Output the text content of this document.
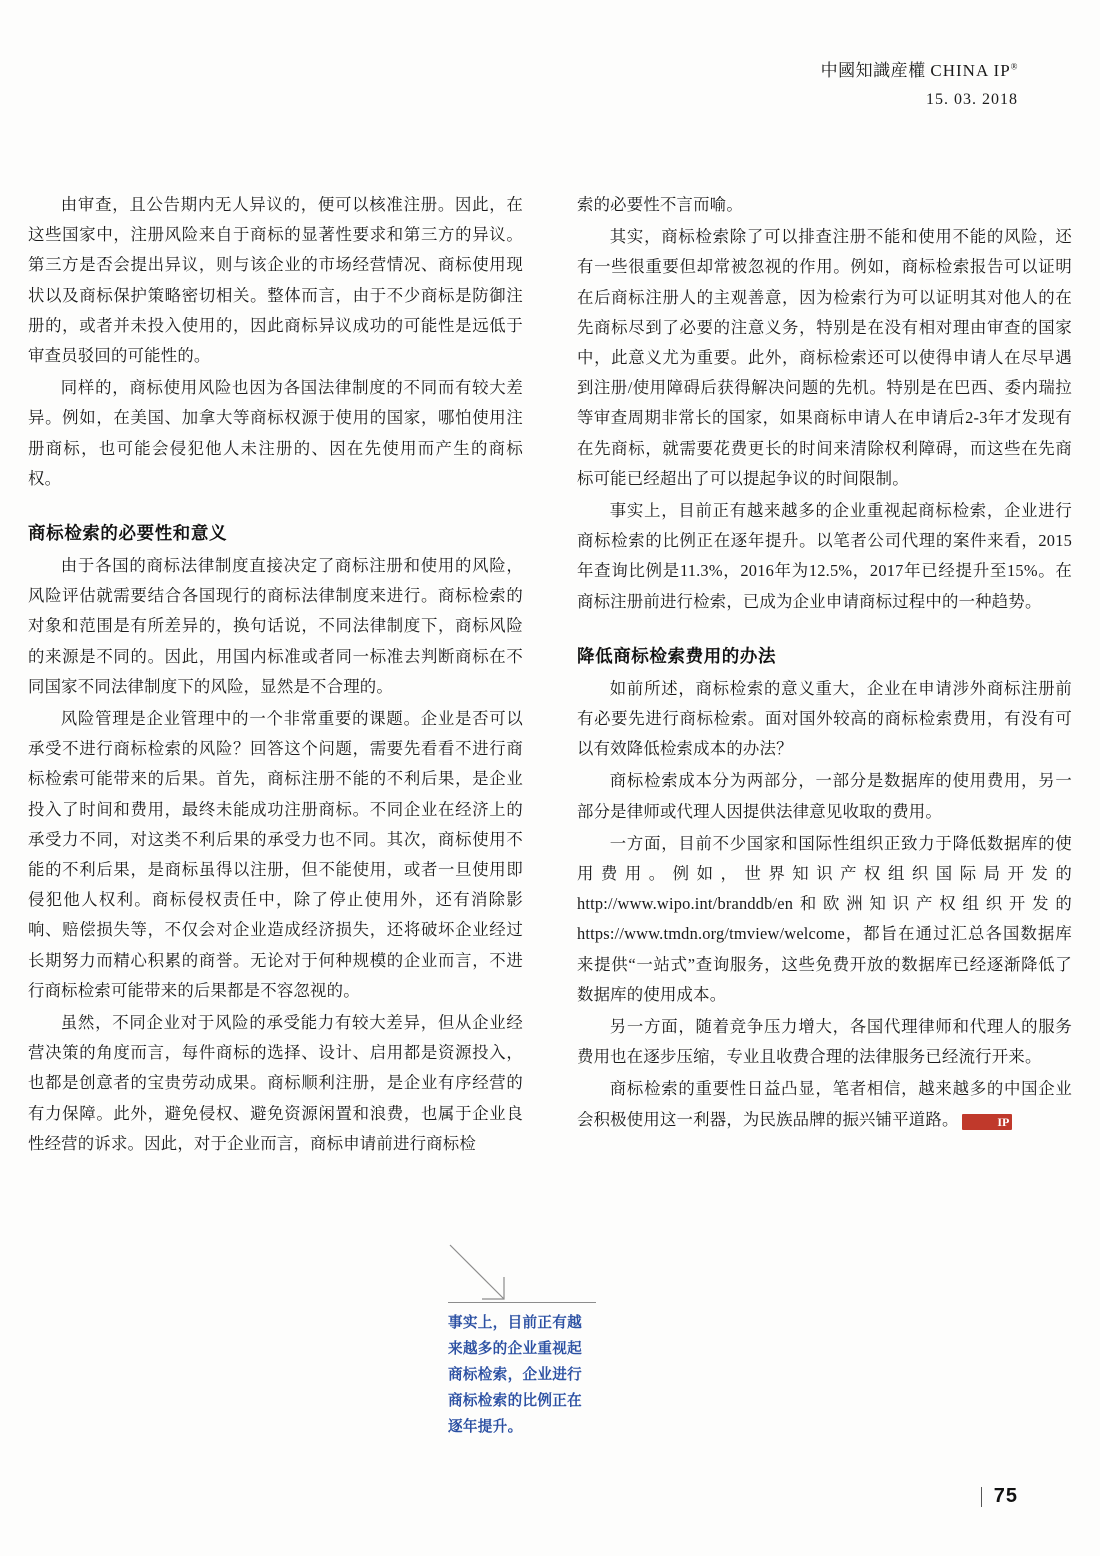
中國知識産權 CHINA IP®
15. 03. 2018

由审查，且公告期内无人异议的，便可以核准注册。因此，在这些国家中，注册风险来自于商标的显著性要求和第三方的异议。第三方是否会提出异议，则与该企业的市场经营情况、商标使用现状以及商标保护策略密切相关。整体而言，由于不少商标是防御注册的，或者并未投入使用的，因此商标异议成功的可能性是远低于审查员驳回的可能性的。

同样的，商标使用风险也因为各国法律制度的不同而有较大差异。例如，在美国、加拿大等商标权源于使用的国家，哪怕使用注册商标，也可能会侵犯他人未注册的、因在先使用而产生的商标权。

商标检索的必要性和意义

由于各国的商标法律制度直接决定了商标注册和使用的风险，风险评估就需要结合各国现行的商标法律制度来进行。商标检索的对象和范围是有所差异的，换句话说，不同法律制度下，商标风险的来源是不同的。因此，用国内标准或者同一标准去判断商标在不同国家不同法律制度下的风险，显然是不合理的。

风险管理是企业管理中的一个非常重要的课题。企业是否可以承受不进行商标检索的风险？回答这个问题，需要先看看不进行商标检索可能带来的后果。首先，商标注册不能的不利后果，是企业投入了时间和费用，最终未能成功注册商标。不同企业在经济上的承受力不同，对这类不利后果的承受力也不同。其次，商标使用不能的不利后果，是商标虽得以注册，但不能使用，或者一旦使用即侵犯他人权利。商标侵权责任中，除了停止使用外，还有消除影响、赔偿损失等，不仅会对企业造成经济损失，还将破坏企业经过长期努力而精心积累的商誉。无论对于何种规模的企业而言，不进行商标检索可能带来的后果都是不容忽视的。

虽然，不同企业对于风险的承受能力有较大差异，但从企业经营决策的角度而言，每件商标的选择、设计、启用都是资源投入，也都是创意者的宝贵劳动成果。商标顺利注册，是企业有序经营的有力保障。此外，避免侵权、避免资源闲置和浪费，也属于企业良性经营的诉求。因此，对于企业而言，商标申请前进行商标检

索的必要性不言而喻。

其实，商标检索除了可以排查注册不能和使用不能的风险，还有一些很重要但却常被忽视的作用。例如，商标检索报告可以证明在后商标注册人的主观善意，因为检索行为可以证明其对他人的在先商标尽到了必要的注意义务，特别是在没有相对理由审查的国家中，此意义尤为重要。此外，商标检索还可以使得申请人在尽早遇到注册/使用障碍后获得解决问题的先机。特别是在巴西、委内瑞拉等审查周期非常长的国家，如果商标申请人在申请后2-3年才发现有在先商标，就需要花费更长的时间来清除权利障碍，而这些在先商标可能已经超出了可以提起争议的时间限制。

事实上，目前正有越来越多的企业重视起商标检索，企业进行商标检索的比例正在逐年提升。以笔者公司代理的案件来看，2015年查询比例是11.3%，2016年为12.5%，2017年已经提升至15%。在商标注册前进行检索，已成为企业申请商标过程中的一种趋势。

降低商标检索费用的办法

如前所述，商标检索的意义重大，企业在申请涉外商标注册前有必要先进行商标检索。面对国外较高的商标检索费用，有没有可以有效降低检索成本的办法？

商标检索成本分为两部分，一部分是数据库的使用费用，另一部分是律师或代理人因提供法律意见收取的费用。

一方面，目前不少国家和国际性组织正致力于降低数据库的使用费用。例如，世界知识产权组织国际局开发的http://www.wipo.int/branddb/en和欧洲知识产权组织开发的https://www.tmdn.org/tmview/welcome，都旨在通过汇总各国数据库来提供“一站式”查询服务，这些免费开放的数据库已经逐渐降低了数据库的使用成本。

另一方面，随着竞争压力增大，各国代理律师和代理人的服务费用也在逐步压缩，专业且收费合理的法律服务已经流行开来。

商标检索的重要性日益凸显，笔者相信，越来越多的中国企业会积极使用这一利器，为民族品牌的振兴铺平道路。	IP

事实上，目前正有越来越多的企业重视起商标检索，企业进行商标检索的比例正在逐年提升。
75
